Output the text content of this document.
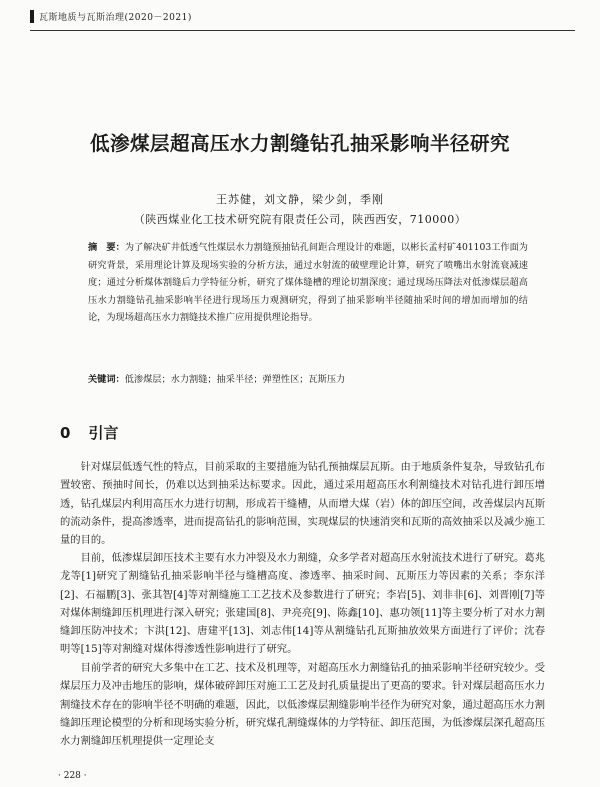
瓦斯地质与瓦斯治理(2020－2021)
低渗煤层超高压水力割缝钻孔抽采影响半径研究
王苏健，刘文静，梁少剑，季刚
（陕西煤业化工技术研究院有限责任公司，陕西西安，710000）
摘　要：为了解决矿井低透气性煤层水力割缝预抽钻孔间距合理设计的难题，以彬长孟村矿401103工作面为研究背景，采用理论计算及现场实验的分析方法，通过水射流的破壁理论计算，研究了喷嘴出水射流衰减速度；通过分析煤体割缝后力学特征分析，研究了煤体缝槽的理论切割深度；通过现场压降法对低渗煤层超高压水力割缝钻孔抽采影响半径进行现场压力观测研究，得到了抽采影响半径随抽采时间的增加而增加的结论，为现场超高压水力割缝技术推广应用提供理论指导。
关键词：低渗煤层；水力割缝；抽采半径；弹塑性区；瓦斯压力
0 引言

针对煤层低透气性的特点，目前采取的主要措施为钻孔预抽煤层瓦斯。由于地质条件复杂，导致钻孔布置较密、预抽时间长，仍难以达到抽采达标要求。因此，通过采用超高压水利割缝技术对钻孔进行卸压增透，钻孔煤层内利用高压水力进行切割，形成若干缝槽，从而增大煤（岩）体的卸压空间，改善煤层内瓦斯的流动条件，提高渗透率，进而提高钻孔的影响范围，实现煤层的快速消突和瓦斯的高效抽采以及减少施工量的目的。

目前，低渗煤层卸压技术主要有水力冲裂及水力割缝，众多学者对超高压水射流技术进行了研究。葛兆龙等[1]研究了割缝钻孔抽采影响半径与缝槽高度、渗透率、抽采时间、瓦斯压力等因素的关系；李东洋[2]、石福鹏[3]、张其智[4]等对割缝施工工艺技术及参数进行了研究；李岩[5]、刘非非[6]、刘晋刚[7]等对煤体割缝卸压机理进行深入研究；张建国[8]、尹亮亮[9]、陈鑫[10]、惠功领[11]等主要分析了对水力割缝卸压防冲技术；卞洪[12]、唐建平[13]、刘志伟[14]等从割缝钻孔瓦斯抽放效果方面进行了评价；沈春明等[15]等对割缝对煤体得渗透性影响进行了研究。

目前学者的研究大多集中在工艺、技术及机理等，对超高压水力割缝钻孔的抽采影响半径研究较少。受煤层压力及冲击地压的影响，煤体破碎卸压对施工工艺及封孔质量提出了更高的要求。针对煤层超高压水力割缝技术存在的影响半径不明确的难题，因此，以低渗煤层割缝影响半径作为研究对象，通过超高压水力割缝卸压理论模型的分析和现场实验分析，研究煤孔割缝煤体的力学特征、卸压范围，为低渗煤层深孔超高压水力割缝卸压机理提供一定理论支

· 228 ·
